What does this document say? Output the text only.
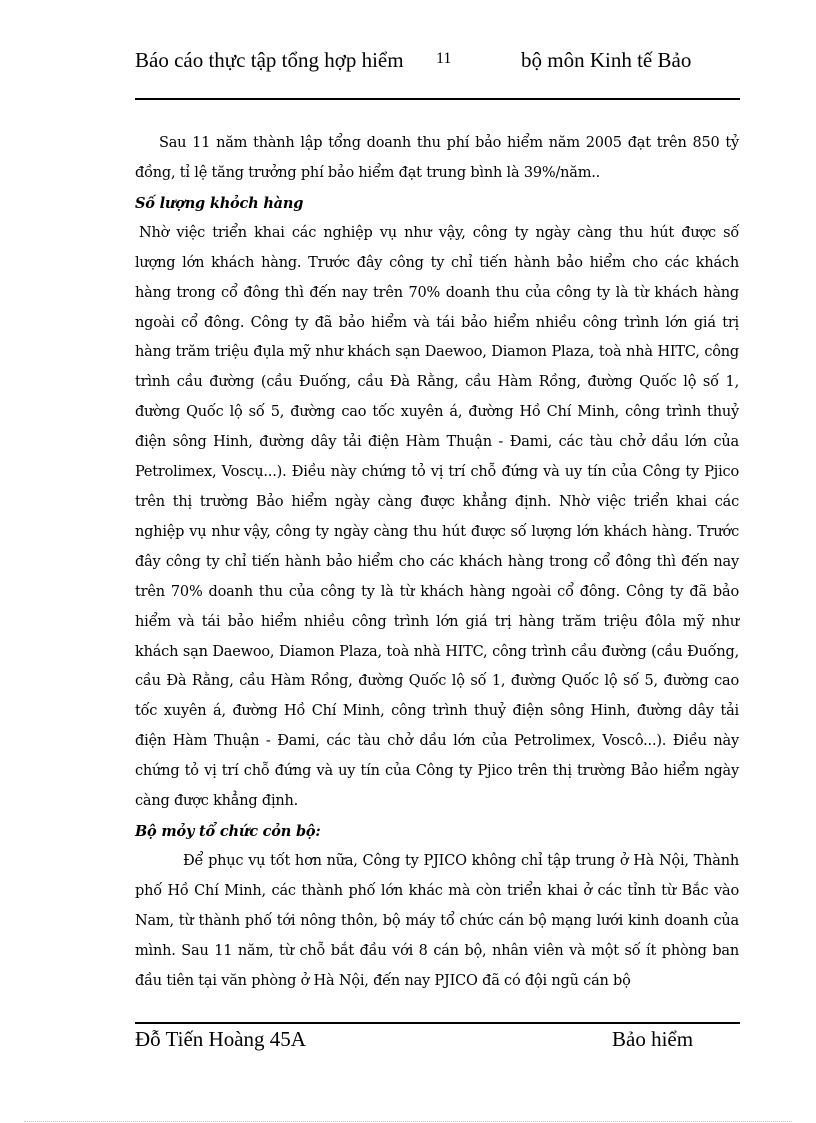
Báo cáo thực tập tổng hợp hiểm	11	bộ môn Kinh tế Bảo

Sau 11 năm thành lập tổng doanh thu phí bảo hiểm năm 2005 đạt trên 850 tỷ đồng, tỉ lệ tăng trưởng phí bảo hiểm đạt trung bình là 39%/năm..

Số lượng khỏch hàng

Nhờ việc triển khai các nghiệp vụ như vậy, công ty ngày càng thu hút được số lượng lớn khách hàng. Trước đây công ty chỉ tiến hành bảo hiểm cho các khách hàng trong cổ đông thì đến nay trên 70% doanh thu của công ty là từ khách hàng ngoài cổ đông. Công ty đã bảo hiểm và tái bảo hiểm nhiều công trình lớn giá trị hàng trăm triệu đụla mỹ như khách sạn Daewoo, Diamon Plaza, toà nhà HITC, công trình cầu đường (cầu Đuống, cầu Đà Rằng, cầu Hàm Rồng, đường Quốc lộ số 1, đường Quốc lộ số 5, đường cao tốc xuyên á, đường Hồ Chí Minh, công trình thuỷ điện sông Hinh, đường dây tải điện Hàm Thuận - Đami, các tàu chở dầu lớn của Petrolimex, Voscụ...). Điều này chứng tỏ vị trí chỗ đứng và uy tín của Công ty Pjico trên thị trường Bảo hiểm ngày càng được khẳng định. Nhờ việc triển khai các nghiệp vụ như vậy, công ty ngày càng thu hút được số lượng lớn khách hàng. Trước đây công ty chỉ tiến hành bảo hiểm cho các khách hàng trong cổ đông thì đến nay trên 70% doanh thu của công ty là từ khách hàng ngoài cổ đông. Công ty đã bảo hiểm và tái bảo hiểm nhiều công trình lớn giá trị hàng trăm triệu đôla mỹ như khách sạn Daewoo, Diamon Plaza, toà nhà HITC, công trình cầu đường (cầu Đuống, cầu Đà Rằng, cầu Hàm Rồng, đường Quốc lộ số 1, đường Quốc lộ số 5, đường cao tốc xuyên á, đường Hồ Chí Minh, công trình thuỷ điện sông Hinh, đường dây tải điện Hàm Thuận - Đami, các tàu chở dầu lớn của Petrolimex, Voscô...). Điều này chứng tỏ vị trí chỗ đứng và uy tín của Công ty Pjico trên thị trường Bảo hiểm ngày càng được khẳng định.

Bộ mỏy tổ chức cỏn bộ:

Để phục vụ tốt hơn nữa, Công ty PJICO không chỉ tập trung ở Hà Nội, Thành phố Hồ Chí Minh, các thành phố lớn khác mà còn triển khai ở các tỉnh từ Bắc vào Nam, từ thành phố tới nông thôn, bộ máy tổ chức cán bộ mạng lưới kinh doanh của mình. Sau 11 năm, từ chỗ bắt đầu với 8 cán bộ, nhân viên và một số ít phòng ban đầu tiên tại văn phòng ở Hà Nội, đến nay PJICO đã có đội ngũ cán bộ

Đỗ Tiến Hoàng 45A	Bảo hiểm
